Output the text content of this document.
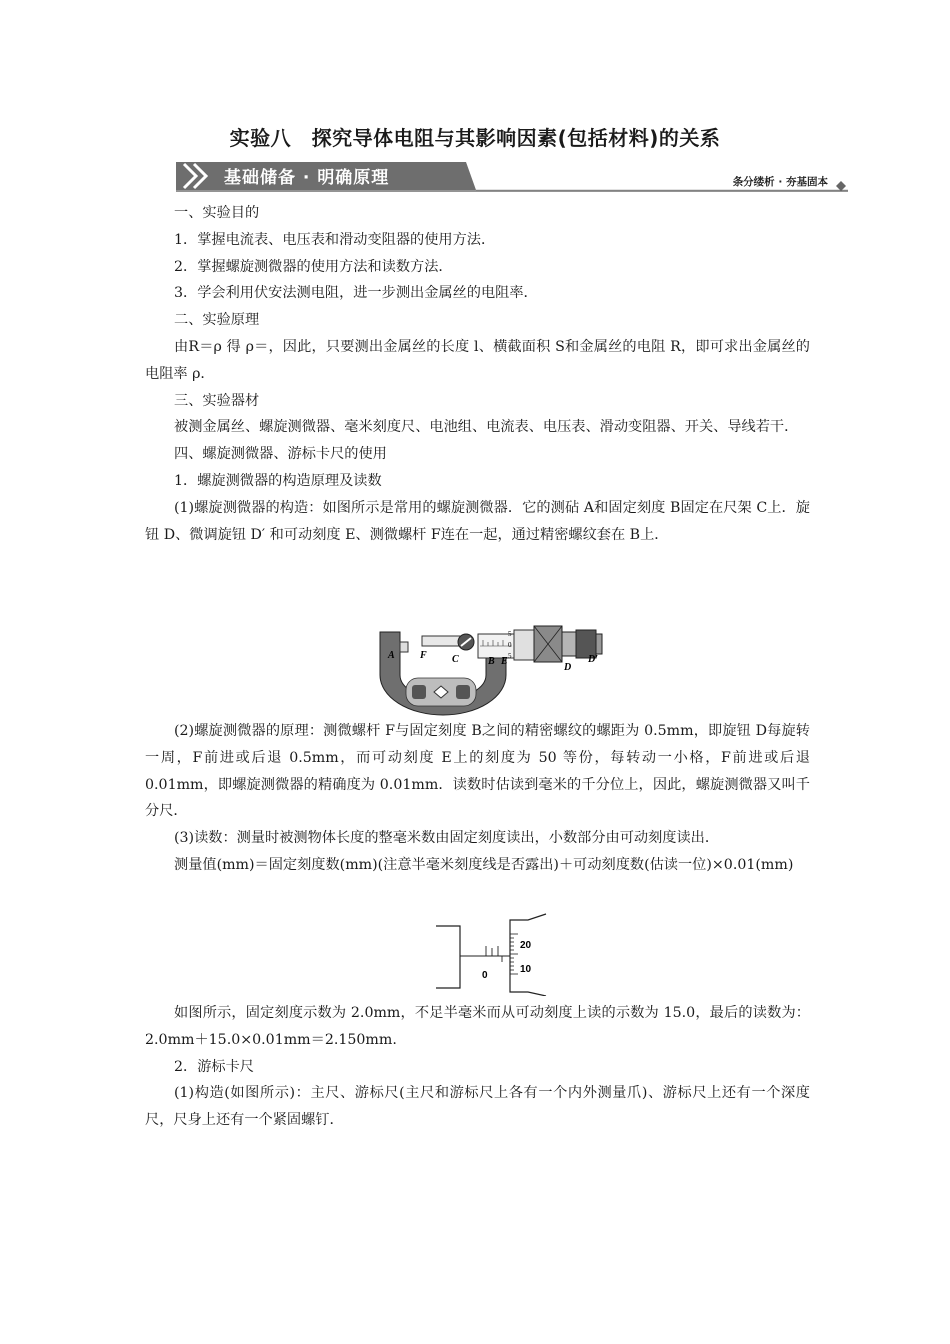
实验八　探究导体电阻与其影响因素(包括材料)的关系
基础储备 · 明确原理	条分缕析 · 夯基固本

一、实验目的

1．掌握电流表、电压表和滑动变阻器的使用方法．

2．掌握螺旋测微器的使用方法和读数方法．

3．学会利用伏安法测电阻，进一步测出金属丝的电阻率．

二、实验原理

由R＝ρ 得 ρ＝，因此，只要测出金属丝的长度 l、横截面积 S和金属丝的电阻 R，即可求出金属丝的电阻率 ρ．

三、实验器材

被测金属丝、螺旋测微器、毫米刻度尺、电池组、电流表、电压表、滑动变阻器、开关、导线若干．

四、螺旋测微器、游标卡尺的使用

1．螺旋测微器的构造原理及读数

(1)螺旋测微器的构造：如图所示是常用的螺旋测微器．它的测砧 A和固定刻度 B固定在尺架 C上．旋钮 D、微调旋钮 D′ 和可动刻度 E、测微螺杆 F连在一起，通过精密螺纹套在 B上．

A	F	C	B E
D
D′
5
0
5

(2)螺旋测微器的原理：测微螺杆 F与固定刻度 B之间的精密螺纹的螺距为 0.5mm，即旋钮 D每旋转一周，F前进或后退 0.5mm，而可动刻度 E上的刻度为 50 等份，每转动一小格，F前进或后退 0.01mm，即螺旋测微器的精确度为 0.01mm．读数时估读到毫米的千分位上，因此，螺旋测微器又叫千分尺．

(3)读数：测量时被测物体长度的整毫米数由固定刻度读出，小数部分由可动刻度读出．

测量值(mm)＝固定刻度数(mm)(注意半毫米刻度线是否露出)＋可动刻度数(估读一位)×0.01(mm)

20
10
0

如图所示，固定刻度示数为 2.0mm，不足半毫米而从可动刻度上读的示数为 15.0，最后的读数为：2.0mm＋15.0×0.01mm＝2.150mm.

2．游标卡尺

(1)构造(如图所示)：主尺、游标尺(主尺和游标尺上各有一个内外测量爪)、游标尺上还有一个深度尺，尺身上还有一个紧固螺钉．
